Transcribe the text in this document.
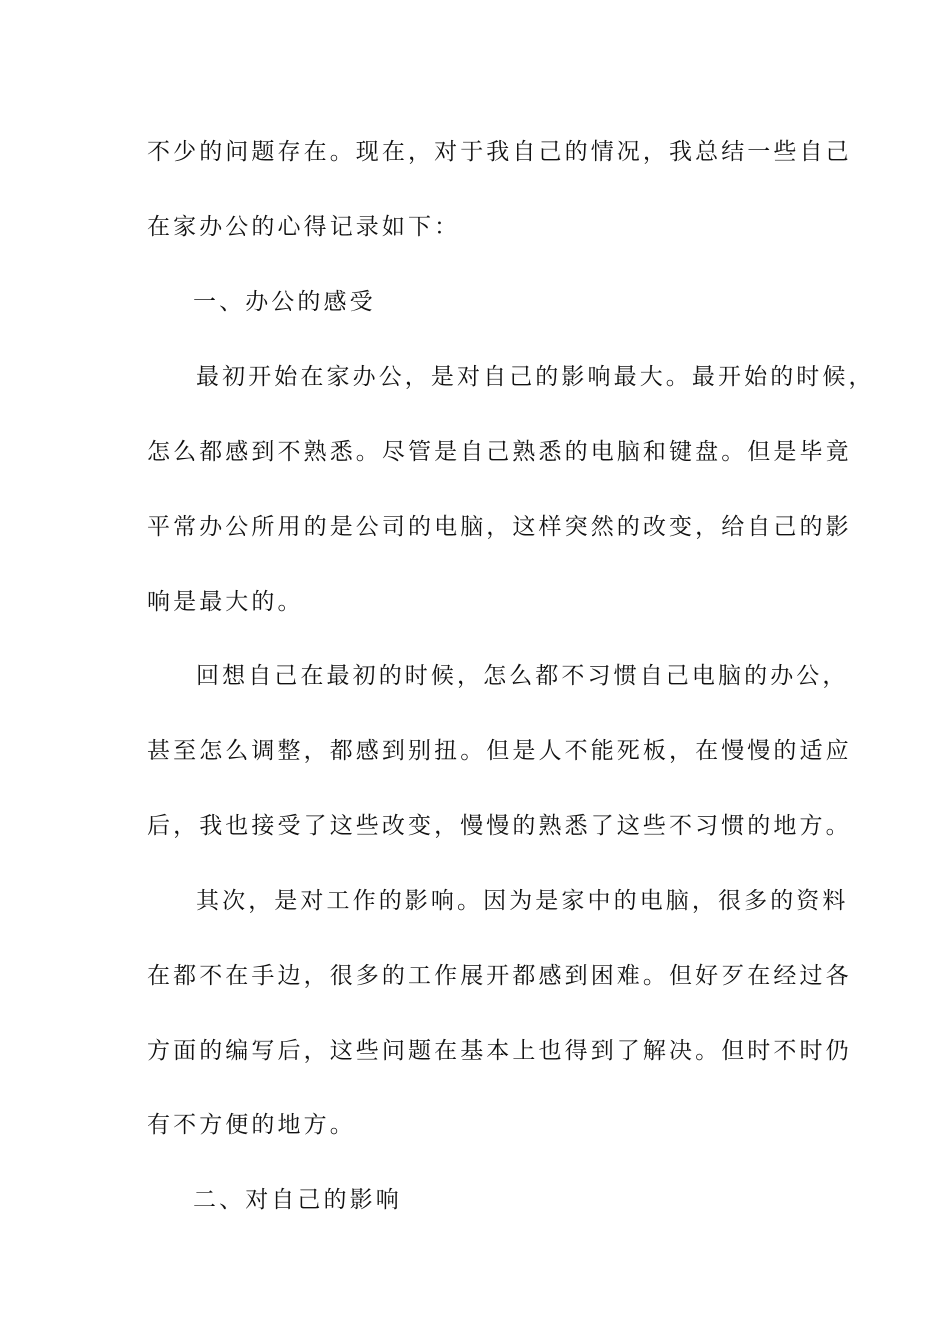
不少的问题存在。现在，对于我自己的情况，我总结一些自己
在家办公的心得记录如下：
一、办公的感受
最初开始在家办公，是对自己的影响最大。最开始的时候，
怎么都感到不熟悉。尽管是自己熟悉的电脑和键盘。但是毕竟
平常办公所用的是公司的电脑，这样突然的改变，给自己的影
响是最大的。
回想自己在最初的时候，怎么都不习惯自己电脑的办公，
甚至怎么调整，都感到别扭。但是人不能死板，在慢慢的适应
后，我也接受了这些改变，慢慢的熟悉了这些不习惯的地方。
其次，是对工作的影响。因为是家中的电脑，很多的资料
在都不在手边，很多的工作展开都感到困难。但好歹在经过各
方面的编写后，这些问题在基本上也得到了解决。但时不时仍
有不方便的地方。
二、对自己的影响
